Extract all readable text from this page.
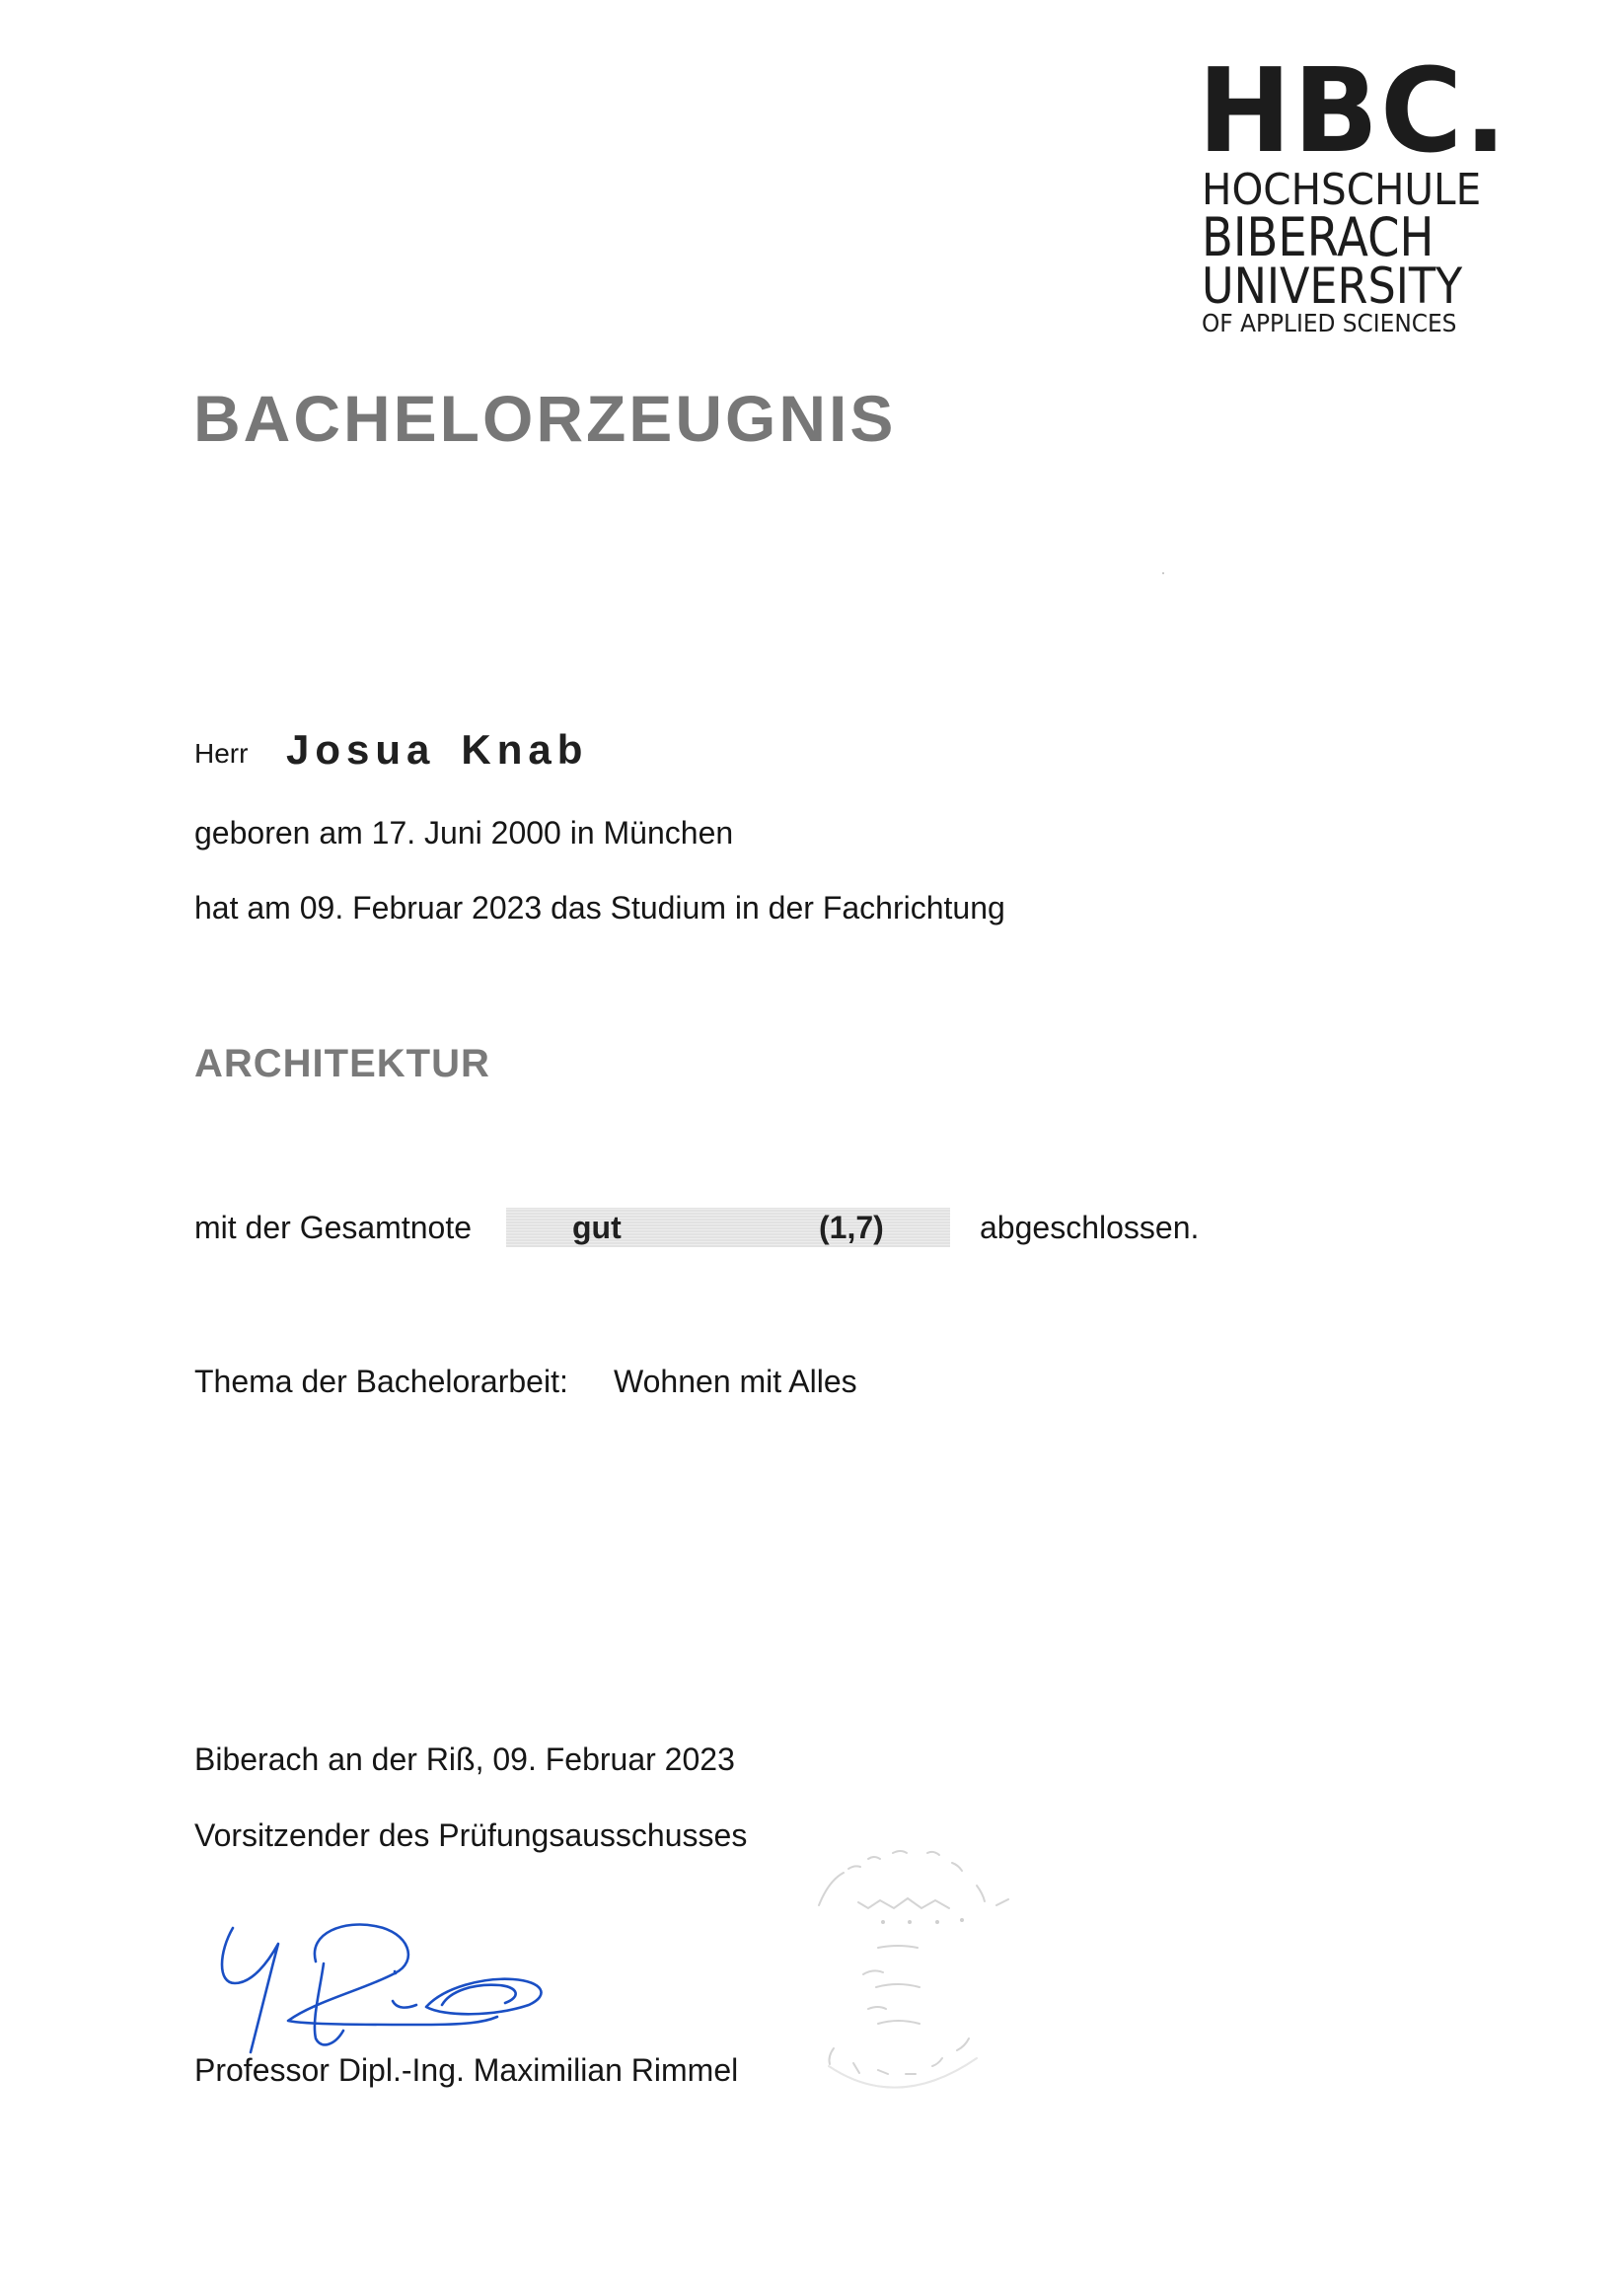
HBC.
HOCHSCHULE
BIBERACH
UNIVERSITY
OF APPLIED SCIENCES
BACHELORZEUGNIS
Herr Josua Knab
geboren am 17. Juni 2000 in München
hat am 09. Februar 2023 das Studium in der Fachrichtung
ARCHITEKTUR
mit der Gesamtnote	gut	(1,7)	abgeschlossen.
Thema der Bachelorarbeit: Wohnen mit Alles
Biberach an der Riß, 09. Februar 2023
Vorsitzender des Prüfungsausschusses
Professor Dipl.-Ing. Maximilian Rimmel
